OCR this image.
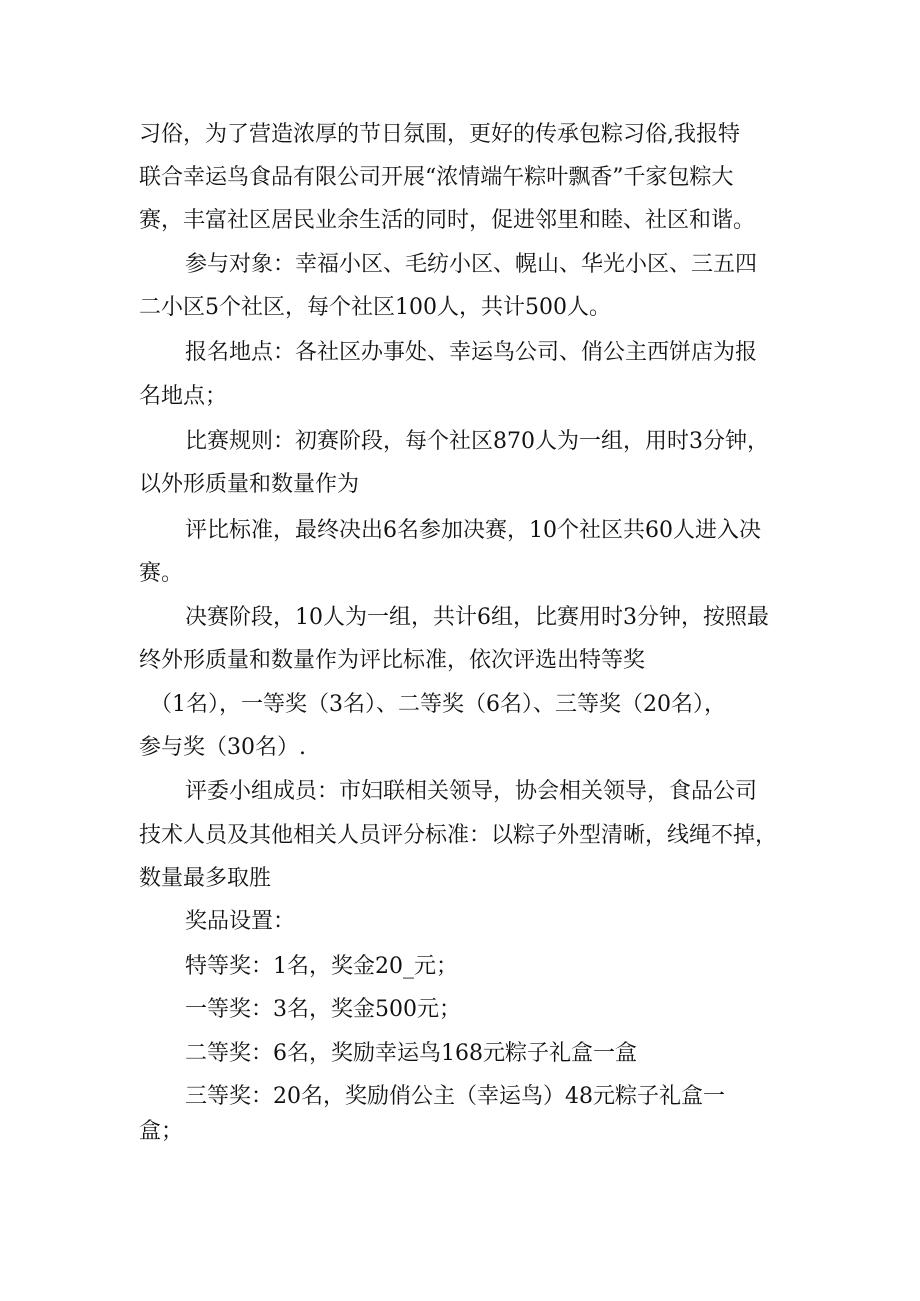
习俗，为了营造浓厚的节日氛围，更好的传承包粽习俗,我报特
联合幸运鸟食品有限公司开展“浓情端午粽叶飘香”千家包粽大
赛，丰富社区居民业余生活的同时，促进邻里和睦、社区和谐。
参与对象：幸福小区、毛纺小区、幌山、华光小区、三五四
二小区5个社区，每个社区100人，共计500人。
报名地点：各社区办事处、幸运鸟公司、俏公主西饼店为报
名地点；
比赛规则：初赛阶段，每个社区870人为一组，用时3分钟，
以外形质量和数量作为
评比标准，最终决出6名参加决赛，10个社区共60人进入决
赛。
决赛阶段，10人为一组，共计6组，比赛用时3分钟，按照最
终外形质量和数量作为评比标准，依次评选出特等奖
（1名），一等奖（3名）、二等奖（6名）、三等奖（20名），
参与奖（30名）.
评委小组成员：市妇联相关领导，协会相关领导，食品公司
技术人员及其他相关人员评分标准：以粽子外型清晰，线绳不掉，
数量最多取胜
奖品设置：
特等奖：1名，奖金20_元；
一等奖：3名，奖金500元；
二等奖：6名，奖励幸运鸟168元粽子礼盒一盒
三等奖：20名，奖励俏公主（幸运鸟）48元粽子礼盒一
盒；
